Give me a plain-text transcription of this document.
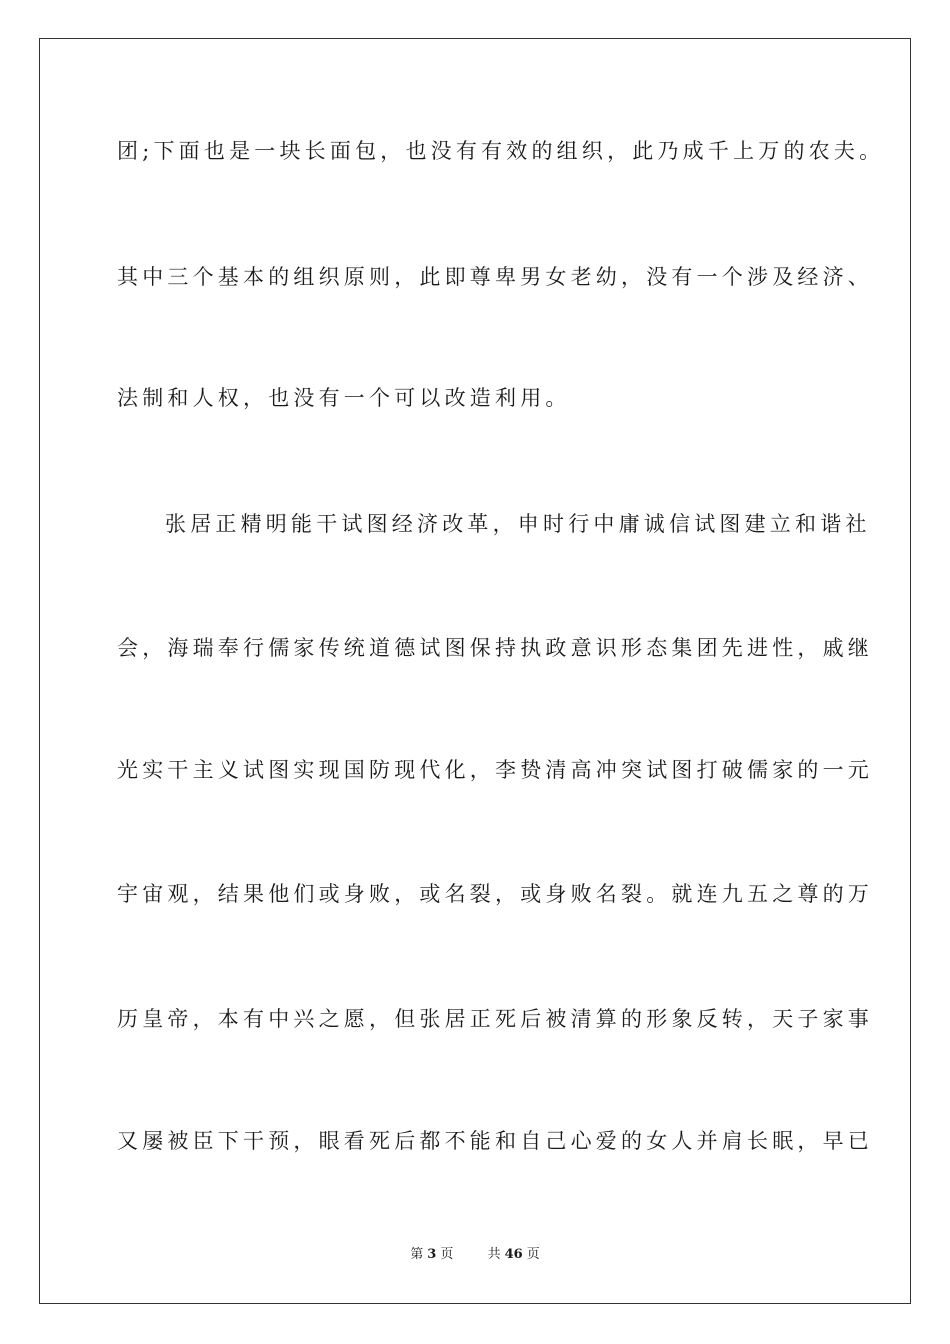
团;下面也是一块长面包，也没有有效的组织，此乃成千上万的农夫。
其中三个基本的组织原则，此即尊卑男女老幼，没有一个涉及经济、
法制和人权，也没有一个可以改造利用。
张居正精明能干试图经济改革，申时行中庸诚信试图建立和谐社
会，海瑞奉行儒家传统道德试图保持执政意识形态集团先进性，戚继
光实干主义试图实现国防现代化，李贽清高冲突试图打破儒家的一元
宇宙观，结果他们或身败，或名裂，或身败名裂。就连九五之尊的万
历皇帝，本有中兴之愿，但张居正死后被清算的形象反转，天子家事
又屡被臣下干预，眼看死后都不能和自己心爱的女人并肩长眠，早已
第 3 页	共 46 页
